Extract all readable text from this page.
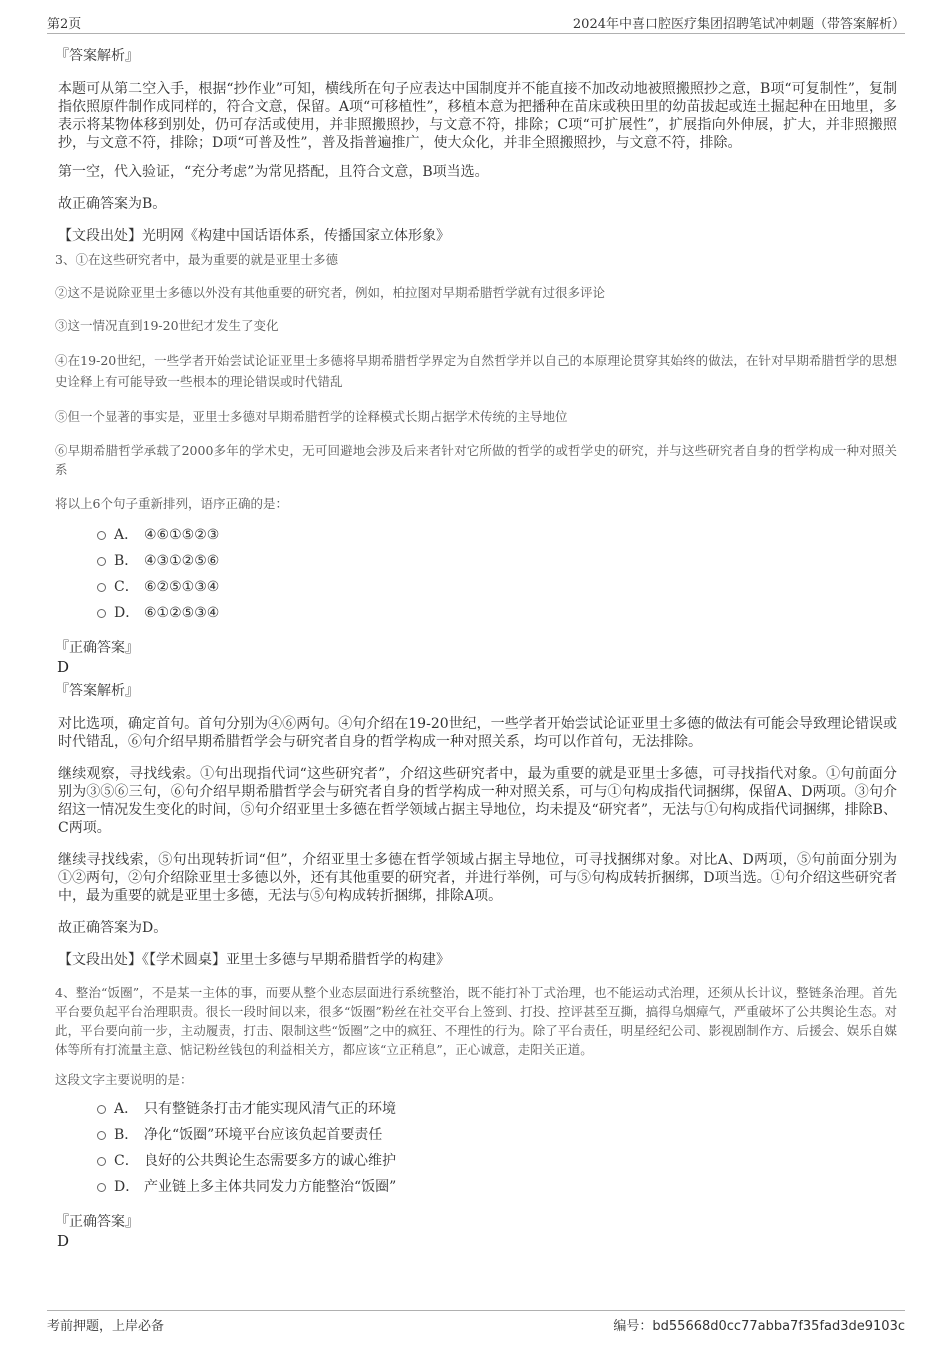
第2页	2024年中喜口腔医疗集团招聘笔试冲刺题（带答案解析）
『答案解析』

本题可从第二空入手，根据“抄作业”可知，横线所在句子应表达中国制度并不能直接不加改动地被照搬照抄之意，B项“可复制性”，复制指依照原件制作成同样的，符合文意，保留。A项“可移植性”，移植本意为把播种在苗床或秧田里的幼苗拔起或连土掘起种在田地里，多表示将某物体移到别处，仍可存活或使用，并非照搬照抄，与文意不符，排除；C项“可扩展性”，扩展指向外伸展，扩大，并非照搬照抄，与文意不符，排除；D项“可普及性”，普及指普遍推广，使大众化，并非全照搬照抄，与文意不符，排除。

第一空，代入验证，“充分考虑”为常见搭配，且符合文意，B项当选。

故正确答案为B。

【文段出处】光明网《构建中国话语体系，传播国家立体形象》

3、①在这些研究者中，最为重要的就是亚里士多德

②这不是说除亚里士多德以外没有其他重要的研究者，例如，柏拉图对早期希腊哲学就有过很多评论

③这一情况直到19-20世纪才发生了变化

④在19-20世纪，一些学者开始尝试论证亚里士多德将早期希腊哲学界定为自然哲学并以自己的本原理论贯穿其始终的做法，在针对早期希腊哲学的思想史诠释上有可能导致一些根本的理论错误或时代错乱

⑤但一个显著的事实是，亚里士多德对早期希腊哲学的诠释模式长期占据学术传统的主导地位

⑥早期希腊哲学承载了2000多年的学术史，无可回避地会涉及后来者针对它所做的哲学的或哲学史的研究，并与这些研究者自身的哲学构成一种对照关系

将以上6个句子重新排列，语序正确的是：

A． ④⑥①⑤②③
B． ④③①②⑤⑥
C． ⑥②⑤①③④
D． ⑥①②⑤③④
『正确答案』
D
『答案解析』

对比选项，确定首句。首句分别为④⑥两句。④句介绍在19-20世纪，一些学者开始尝试论证亚里士多德的做法有可能会导致理论错误或时代错乱，⑥句介绍早期希腊哲学会与研究者自身的哲学构成一种对照关系，均可以作首句，无法排除。

继续观察，寻找线索。①句出现指代词“这些研究者”，介绍这些研究者中，最为重要的就是亚里士多德，可寻找指代对象。①句前面分别为③⑤⑥三句，⑥句介绍早期希腊哲学会与研究者自身的哲学构成一种对照关系，可与①句构成指代词捆绑，保留A、D两项。③句介绍这一情况发生变化的时间，⑤句介绍亚里士多德在哲学领域占据主导地位，均未提及“研究者”，无法与①句构成指代词捆绑，排除B、C两项。

继续寻找线索，⑤句出现转折词“但”，介绍亚里士多德在哲学领域占据主导地位，可寻找捆绑对象。对比A、D两项，⑤句前面分别为①②两句，②句介绍除亚里士多德以外，还有其他重要的研究者，并进行举例，可与⑤句构成转折捆绑，D项当选。①句介绍这些研究者中，最为重要的就是亚里士多德，无法与⑤句构成转折捆绑，排除A项。

故正确答案为D。

【文段出处】《【学术圆桌】亚里士多德与早期希腊哲学的构建》

4、整治“饭圈”，不是某一主体的事，而要从整个业态层面进行系统整治，既不能打补丁式治理，也不能运动式治理，还须从长计议，整链条治理。首先平台要负起平台治理职责。很长一段时间以来，很多“饭圈”粉丝在社交平台上签到、打投、控评甚至互撕，搞得乌烟瘴气，严重破坏了公共舆论生态。对此，平台要向前一步，主动履责，打击、限制这些“饭圈”之中的疯狂、不理性的行为。除了平台责任，明星经纪公司、影视剧制作方、后援会、娱乐自媒体等所有打流量主意、惦记粉丝钱包的利益相关方，都应该“立正稍息”，正心诚意，走阳关正道。

这段文字主要说明的是：

A． 只有整链条打击才能实现风清气正的环境
B． 净化“饭圈”环境平台应该负起首要责任
C． 良好的公共舆论生态需要多方的诚心维护
D． 产业链上多主体共同发力方能整治“饭圈”
『正确答案』
D
考前押题，上岸必备	编号：bd55668d0cc77abba7f35fad3de9103c
